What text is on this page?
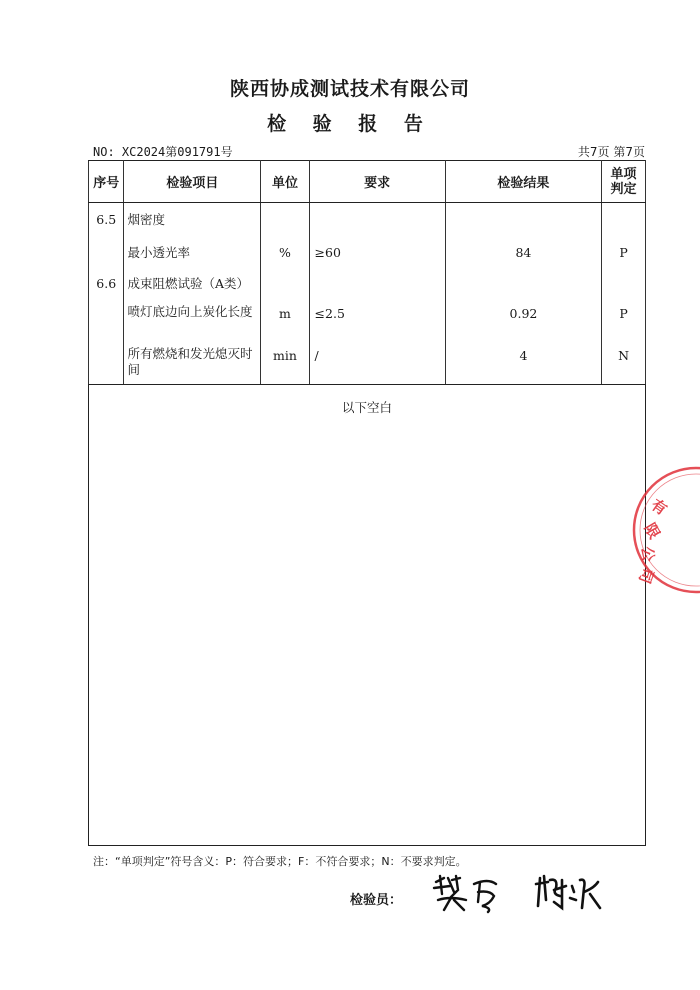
陕西协成测试技术有限公司
检 验 报 告
NO: XC2024第091791号	共7页 第7页
序号	检验项目	单位	要求	检验结果	单项
判定
6.5	烟密度				
	最小透光率	%	≥60	84	P
6.6	成束阻燃试验（A类）				
	喷灯底边向上炭化长度	m	≤2.5	0.92	P
	所有燃烧和发光熄灭时间	min	/	4	N
以下空白
注：“单项判定”符号含义：P：符合要求；F：不符合要求；N：不要求判定。
检验员：
有
限
公
司
